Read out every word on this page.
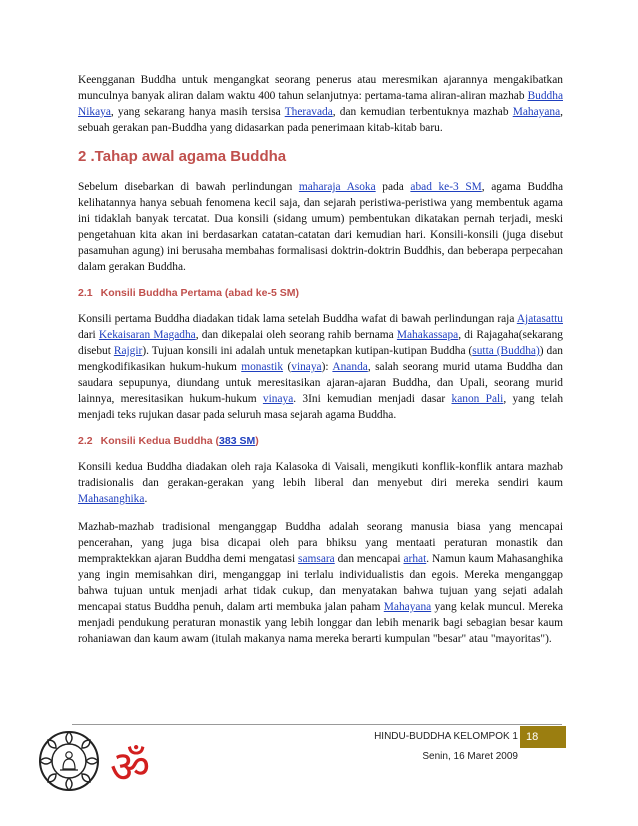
Keengganan Buddha untuk mengangkat seorang penerus atau meresmikan ajarannya mengakibatkan munculnya banyak aliran dalam waktu 400 tahun selanjutnya: pertama-tama aliran-aliran mazhab Buddha Nikaya, yang sekarang hanya masih tersisa Theravada, dan kemudian terbentuknya mazhab Mahayana, sebuah gerakan pan-Buddha yang didasarkan pada penerimaan kitab-kitab baru.

2 .Tahap awal agama Buddha

Sebelum disebarkan di bawah perlindungan maharaja Asoka pada abad ke-3 SM, agama Buddha kelihatannya hanya sebuah fenomena kecil saja, dan sejarah peristiwa-peristiwa yang membentuk agama ini tidaklah banyak tercatat. Dua konsili (sidang umum) pembentukan dikatakan pernah terjadi, meski pengetahuan kita akan ini berdasarkan catatan-catatan dari kemudian hari. Konsili-konsili (juga disebut pasamuhan agung) ini berusaha membahas formalisasi doktrin-doktrin Buddhis, dan beberapa perpecahan dalam gerakan Buddha.

2.1 Konsili Buddha Pertama (abad ke-5 SM)

Konsili pertama Buddha diadakan tidak lama setelah Buddha wafat di bawah perlindungan raja Ajatasattu dari Kekaisaran Magadha, dan dikepalai oleh seorang rahib bernama Mahakassapa, di Rajagaha(sekarang disebut Rajgir). Tujuan konsili ini adalah untuk menetapkan kutipan-kutipan Buddha (sutta (Buddha)) dan mengkodifikasikan hukum-hukum monastik (vinaya): Ananda, salah seorang murid utama Buddha dan saudara sepupunya, diundang untuk meresitasikan ajaran-ajaran Buddha, dan Upali, seorang murid lainnya, meresitasikan hukum-hukum vinaya. 3Ini kemudian menjadi dasar kanon Pali, yang telah menjadi teks rujukan dasar pada seluruh masa sejarah agama Buddha.

2.2 Konsili Kedua Buddha (383 SM)

Konsili kedua Buddha diadakan oleh raja Kalasoka di Vaisali, mengikuti konflik-konflik antara mazhab tradisionalis dan gerakan-gerakan yang lebih liberal dan menyebut diri mereka sendiri kaum Mahasanghika.

Mazhab-mazhab tradisional menganggap Buddha adalah seorang manusia biasa yang mencapai pencerahan, yang juga bisa dicapai oleh para bhiksu yang mentaati peraturan monastik dan mempraktekkan ajaran Buddha demi mengatasi samsara dan mencapai arhat. Namun kaum Mahasanghika yang ingin memisahkan diri, menganggap ini terlalu individualistis dan egois. Mereka menganggap bahwa tujuan untuk menjadi arhat tidak cukup, dan menyatakan bahwa tujuan yang sejati adalah mencapai status Buddha penuh, dalam arti membuka jalan paham Mahayana yang kelak muncul. Mereka menjadi pendukung peraturan monastik yang lebih longgar dan lebih menarik bagi sebagian besar kaum rohaniawan dan kaum awam (itulah makanya nama mereka berarti kumpulan "besar" atau "mayoritas").

HINDU-BUDDHA KELOMPOK 1 18
Senin, 16 Maret 2009
ॐ
